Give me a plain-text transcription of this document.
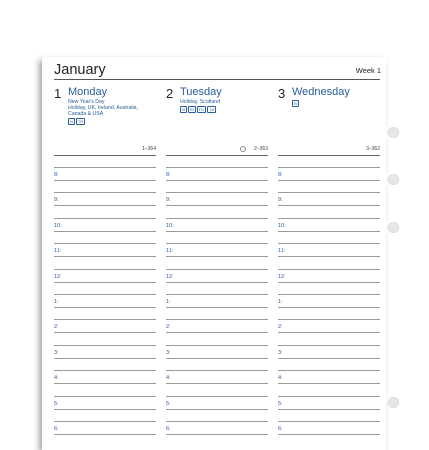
January	Week 1
1 Monday
New Year's Day
Holiday, UK, Ireland, Australia,
Canada & USA
N	TR
1–364
8:
9:
10:
11:
12:
1:
2:
3:
4:
5:
6:
2 Tuesday
Holiday, Scotland
N	RI	FU	TK
2–363
8:
9:
10:
11:
12:
1:
2:
3:
4:
5:
6:
3 Wednesday
N
3–362
8:
9:
10:
11:
12:
1:
2:
3:
4:
5:
6:
